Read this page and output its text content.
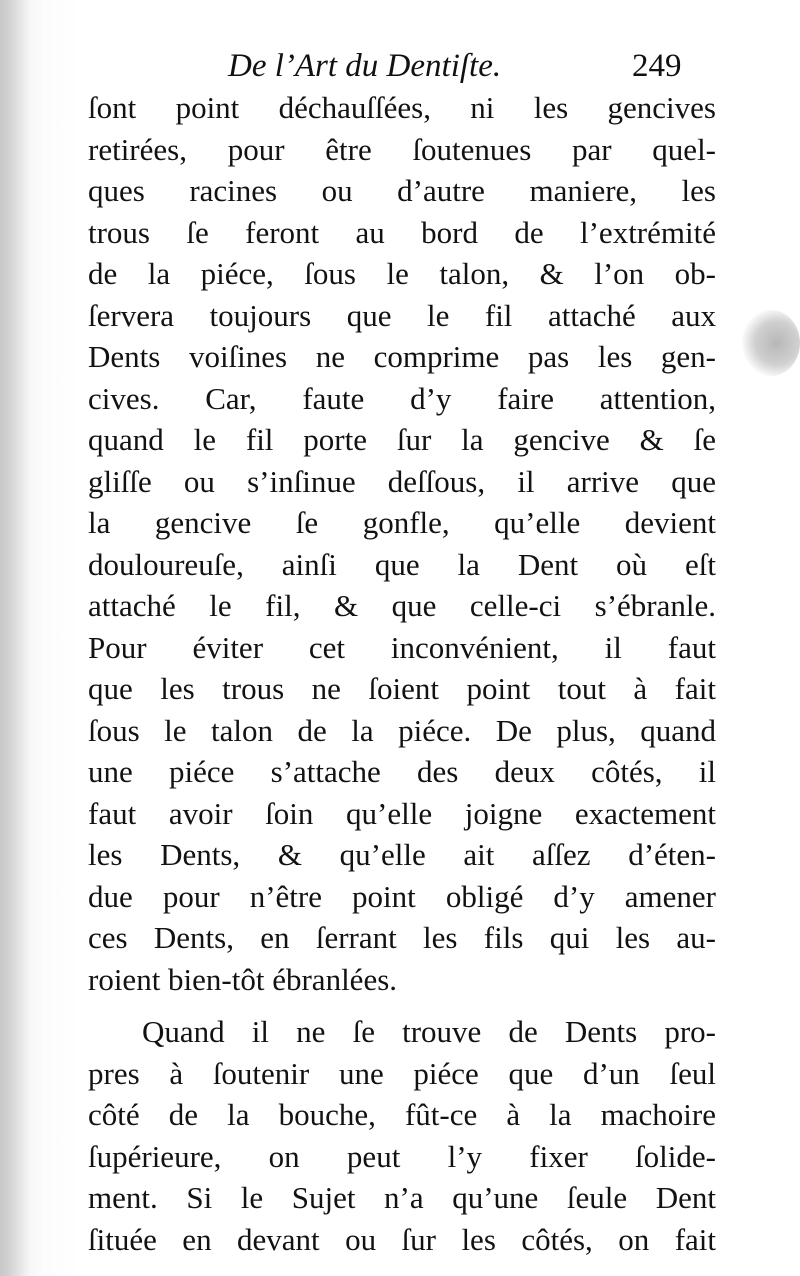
De l’Art du Dentiſte.	249
ſont point déchauſſées, ni les gencives
retirées, pour être ſoutenues par quel-
ques racines ou d’autre maniere, les
trous ſe feront au bord de l’extrémité
de la piéce, ſous le talon, & l’on ob-
ſervera toujours que le fil attaché aux
Dents voiſines ne comprime pas les gen-
cives. Car, faute d’y faire attention,
quand le fil porte ſur la gencive & ſe
gliſſe ou s’inſinue deſſous, il arrive que
la gencive ſe gonfle, qu’elle devient
douloureuſe, ainſi que la Dent où eſt
attaché le fil, & que celle-ci s’ébranle.
Pour éviter cet inconvénient, il faut
que les trous ne ſoient point tout à fait
ſous le talon de la piéce. De plus, quand
une piéce s’attache des deux côtés, il
faut avoir ſoin qu’elle joigne exactement
les Dents, & qu’elle ait aſſez d’éten-
due pour n’être point obligé d’y amener
ces Dents, en ſerrant les fils qui les au-
roient bien-tôt ébranlées.
Quand il ne ſe trouve de Dents pro-
pres à ſoutenir une piéce que d’un ſeul
côté de la bouche, fût-ce à la machoire
ſupérieure, on peut l’y fixer ſolide-
ment. Si le Sujet n’a qu’une ſeule Dent
ſituée en devant ou ſur les côtés, on fait
